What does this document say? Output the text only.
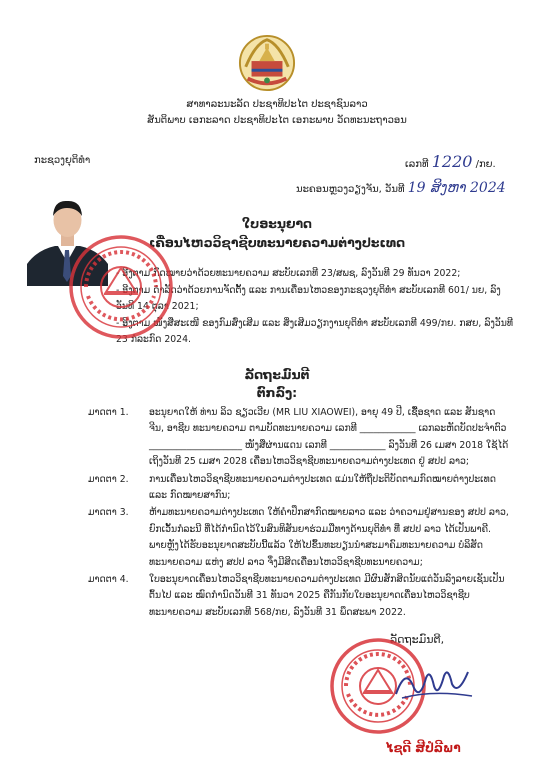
ສາທາລະນະລັດ ປະຊາທິປະໄຕ ປະຊາຊົນລາວ
ສັນຕິພາບ ເອກະລາດ ປະຊາທິປະໄຕ ເອກະພາບ ວັດທະນະຖາວອນ
ກະຊວງຍຸຕິທຳ	ເລກທີ 1220 /ກຍ.
ນະຄອນຫຼວງວຽງຈັນ, ວັນທີ 19 ສິງຫາ 2024
ໃບອະນຸຍາດ
ເຄື່ອນໄຫວວິຊາຊີບທະນາຍຄວາມຕ່າງປະເທດ

- ອີງຕາມ ກົດໝາຍວ່າດ້ວຍທະນາຍຄວາມ ສະບັບເລກທີ 23/ສພຊ, ລົງວັນທີ 29 ທັນວາ 2022;

- ອີງຕາມ ດຳລັດວ່າດ້ວຍການຈັດຕັ້ງ ແລະ ການເຄື່ອນໄຫວຂອງກະຊວງຍຸຕິທຳ ສະບັບເລກທີ 601/ ນຍ, ລົງວັນທີ 14 ຕຸລາ 2021;

- ອີງຕາມ ໜັງສືສະເໜີ ຂອງກົມສົ່ງເສີມ ແລະ ສິ່ງເສີມວຽກງານຍຸຕິທຳ ສະບັບເລກທີ 499/ກຍ. ກສຍ, ລົງວັນທີ 23 ກໍລະກົດ 2024.

ລັດຖະມົນຕີ
ຕົກລົງ:
ມາດຕາ 1. ອະນຸຍາດໃຫ້ ທ່ານ ລິວ ຊຽວເວີຍ (MR LIU XIAOWEI), ອາຍຸ 49 ປີ, ເຊື້ອຊາດ ແລະ ສັນຊາດ ຈີນ, ອາຊີບ ທະນາຍຄວາມ ຕາມບັດທະນາຍຄວາມ ເລກທີ ____________ ເລກລະຫັດບັດປະຈຳຕົວ ____________________ ໜັງສືຜ່ານແດນ ເລກທີ ____________ ລົງວັນທີ 26 ເມສາ 2018 ໃຊ້ໄດ້ເຖິງວັນທີ 25 ເມສາ 2028 ເຄື່ອນໄຫວວິຊາຊີບທະນາຍຄວາມຕ່າງປະເທດ ຢູ່ ສປປ ລາວ;
ມາດຕາ 2. ການເຄື່ອນໄຫວວິຊາຊີບທະນາຍຄວາມຕ່າງປະເທດ ແມ່ນໃຫ້ຖືປະຕິບັດຕາມກົດໝາຍຕ່າງປະເທດ ແລະ ກົດໝາຍສາກົນ;
ມາດຕາ 3. ຫ້າມທະນາຍຄວາມຕ່າງປະເທດ ໃຫ້ຄຳປຶກສາກົດໝາຍລາວ ແລະ ວ່າຄວາມຢູ່ສານຂອງ ສປປ ລາວ, ຍົກເວັ້ນກໍລະນີ ທີ່ໄດ້ກຳນົດໄວ້ໃນສົນທິສັນຍາຮ່ວມມືທາງດ້ານຍຸຕິທຳ ທີ່ ສປປ ລາວ ໄດ້ເປັນພາຄີ. ພາຍຫຼັງໄດ້ຮັບອະນຸຍາດສະບັບນີ້ແລ້ວ ໃຫ້ໄປຂຶ້ນທະບຽນນຳສະມາຄົມທະນາຍຄວາມ ບໍລິສັດທະນາຍຄວາມ ແຫ່ງ ສປປ ລາວ ຈຶ່ງມີສິດເຄື່ອນໄຫວວິຊາຊີບທະນາຍຄວາມ;
ມາດຕາ 4. ໃບອະນຸຍາດເຄື່ອນໄຫວວິຊາຊີບທະນາຍຄວາມຕ່າງປະເທດ ມີຜົນສັກສິດນັບແຕ່ວັນລົງລາຍເຊັນເປັນຕົ້ນໄປ ແລະ ໝົດກຳນົດວັນທີ 31 ທັນວາ 2025 ຄືກັນກັບໃບອະນຸຍາດເຄື່ອນໄຫວວິຊາຊີບທະນາຍຄວາມ ສະບັບເລກທີ 568/ກຍ, ລົງວັນທີ 31 ພຶດສະພາ 2022.
ລັດຖະມົນຕີ,
ໄຊດີ ສີປໍລີພາ
